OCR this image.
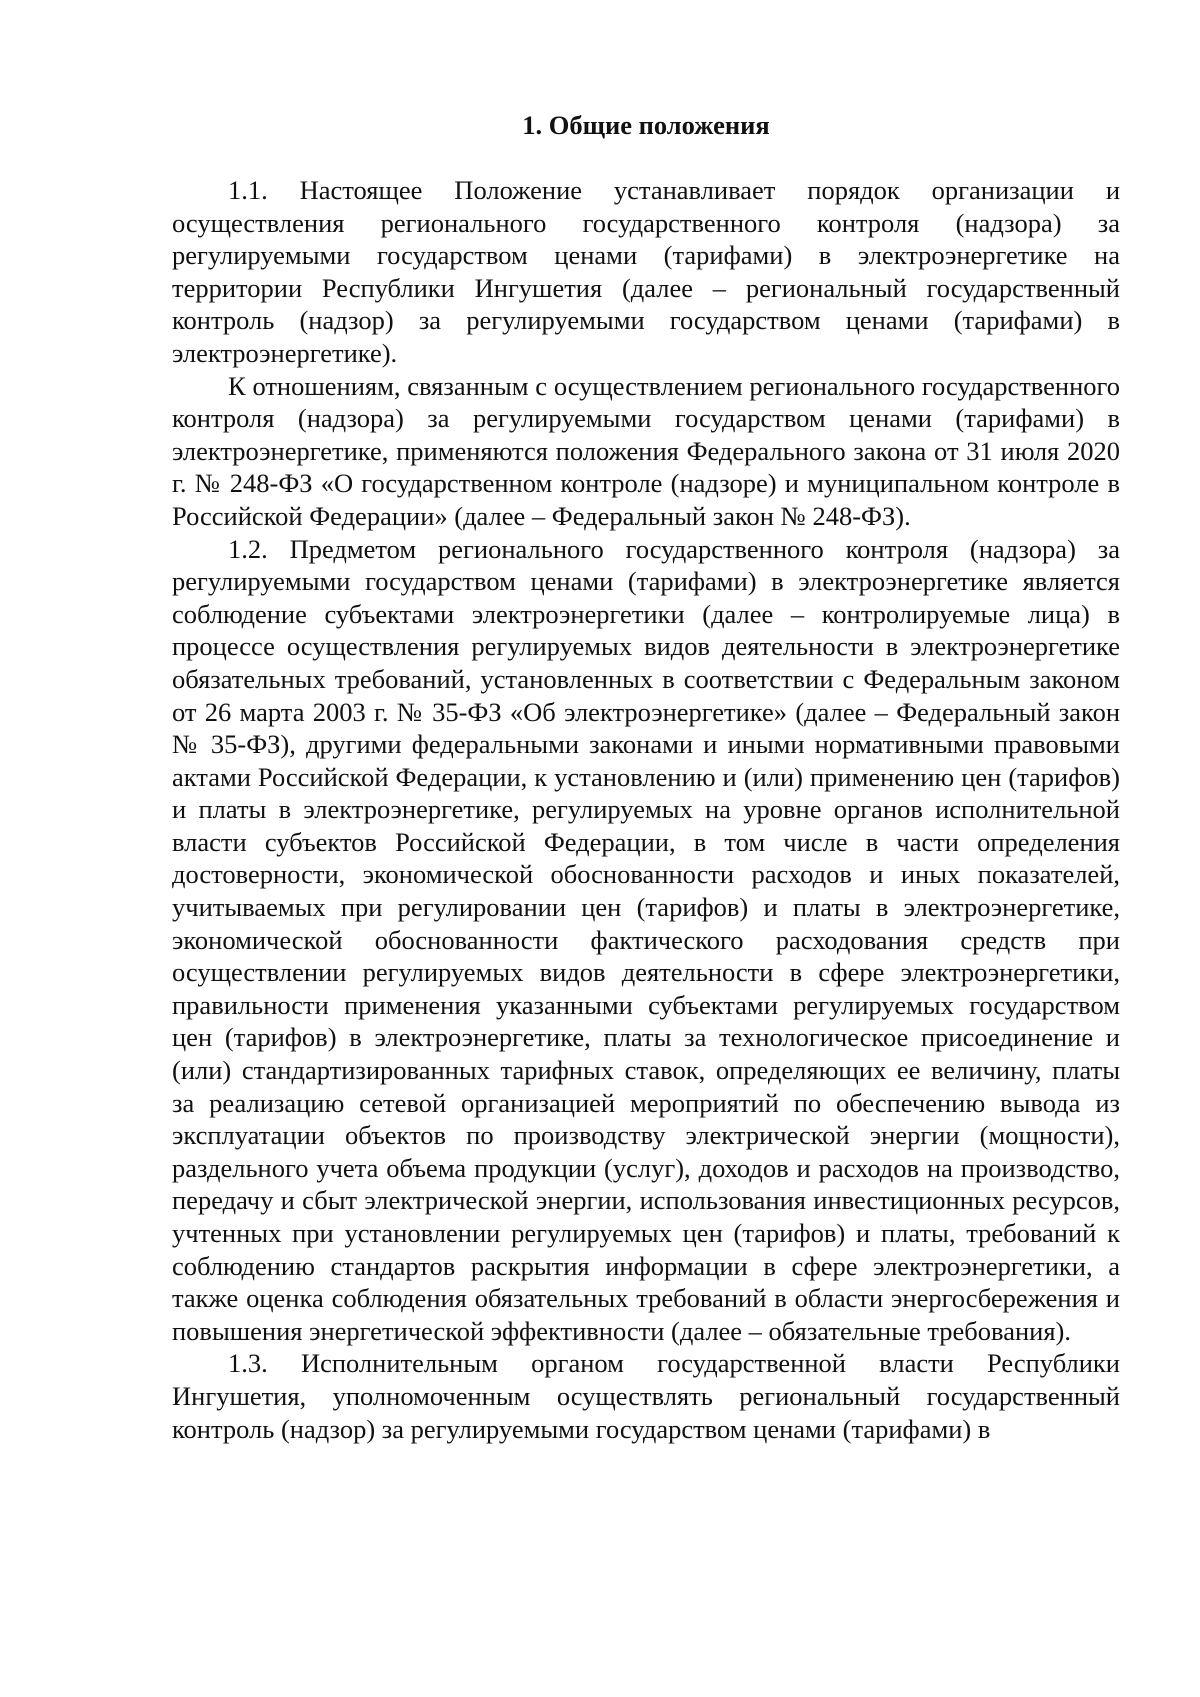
1. Общие положения

1.1. Настоящее Положение устанавливает порядок организации и осуществления регионального государственного контроля (надзора) за регулируемыми государством ценами (тарифами) в электроэнергетике на территории Республики Ингушетия (далее – региональный государственный контроль (надзор) за регулируемыми государством ценами (тарифами) в электроэнергетике).

К отношениям, связанным с осуществлением регионального государственного контроля (надзора) за регулируемыми государством ценами (тарифами) в электроэнергетике, применяются положения Федерального закона от 31 июля 2020 г. № 248-ФЗ «О государственном контроле (надзоре) и муниципальном контроле в Российской Федерации» (далее – Федеральный закон № 248-ФЗ).

1.2. Предметом регионального государственного контроля (надзора) за регулируемыми государством ценами (тарифами) в электроэнергетике является соблюдение субъектами электроэнергетики (далее – контролируемые лица) в процессе осуществления регулируемых видов деятельности в электроэнергетике обязательных требований, установленных в соответствии с Федеральным законом от 26 марта 2003 г. № 35-ФЗ «Об электроэнергетике» (далее – Федеральный закон № 35-ФЗ), другими федеральными законами и иными нормативными правовыми актами Российской Федерации, к установлению и (или) применению цен (тарифов) и платы в электроэнергетике, регулируемых на уровне органов исполнительной власти субъектов Российской Федерации, в том числе в части определения достоверности, экономической обоснованности расходов и иных показателей, учитываемых при регулировании цен (тарифов) и платы в электроэнергетике, экономической обоснованности фактического расходования средств при осуществлении регулируемых видов деятельности в сфере электроэнергетики, правильности применения указанными субъектами регулируемых государством цен (тарифов) в электроэнергетике, платы за технологическое присоединение и (или) стандартизированных тарифных ставок, определяющих ее величину, платы за реализацию сетевой организацией мероприятий по обеспечению вывода из эксплуатации объектов по производству электрической энергии (мощности), раздельного учета объема продукции (услуг), доходов и расходов на производство, передачу и сбыт электрической энергии, использования инвестиционных ресурсов, учтенных при установлении регулируемых цен (тарифов) и платы, требований к соблюдению стандартов раскрытия информации в сфере электроэнергетики, а также оценка соблюдения обязательных требований в области энергосбережения и повышения энергетической эффективности (далее – обязательные требования).

1.3. Исполнительным органом государственной власти Республики Ингушетия, уполномоченным осуществлять региональный государственный контроль (надзор) за регулируемыми государством ценами (тарифами) в
